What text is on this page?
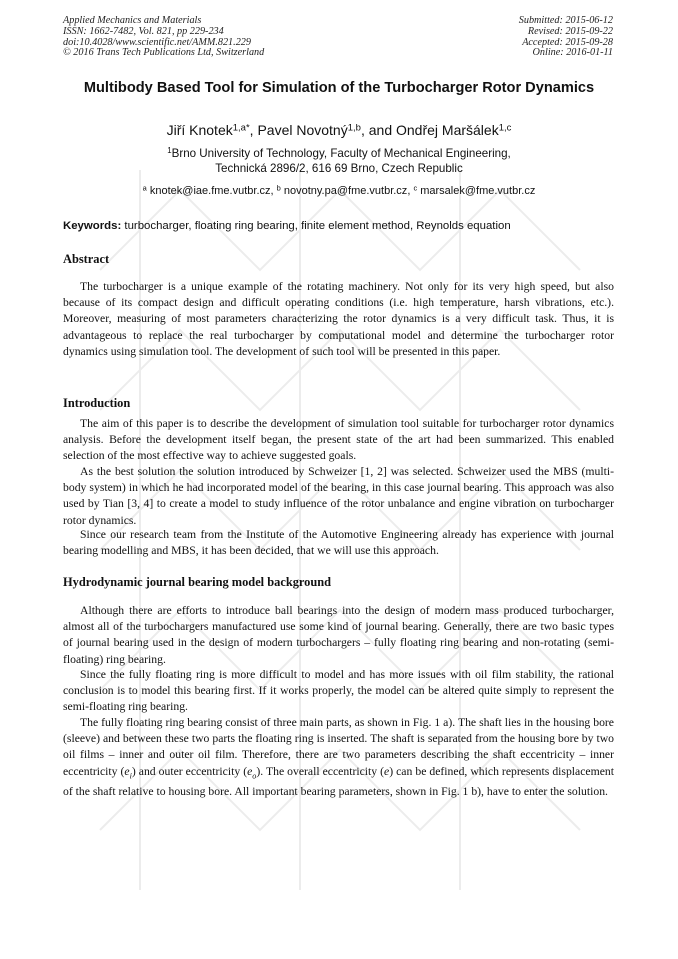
Applied Mechanics and Materials
ISSN: 1662-7482, Vol. 821, pp 229-234
doi:10.4028/www.scientific.net/AMM.821.229
© 2016 Trans Tech Publications Ltd, Switzerland
Submitted: 2015-06-12
Revised: 2015-09-22
Accepted: 2015-09-28
Online: 2016-01-11
Multibody Based Tool for Simulation of the Turbocharger Rotor Dynamics
Jiří Knotek$^{1,a*}$, Pavel Novotný$^{1,b}$, and Ondřej Maršálek$^{1,c}$
$^1$Brno University of Technology, Faculty of Mechanical Engineering,
Technická 2896/2, 616 69 Brno, Czech Republic
$^a$ knotek@iae.fme.vutbr.cz, $^b$ novotny.pa@fme.vutbr.cz, $^c$ marsalek@fme.vutbr.cz
Keywords: turbocharger, floating ring bearing, finite element method, Reynolds equation
Abstract
The turbocharger is a unique example of the rotating machinery. Not only for its very high speed, but also because of its compact design and difficult operating conditions (i.e. high temperature, harsh vibrations, etc.). Moreover, measuring of most parameters characterizing the rotor dynamics is a very difficult task. Thus, it is advantageous to replace the real turbocharger by computational model and determine the turbocharger rotor dynamics using simulation tool. The development of such tool will be presented in this paper.
Introduction
The aim of this paper is to describe the development of simulation tool suitable for turbocharger rotor dynamics analysis. Before the development itself began, the present state of the art had been summarized. This enabled selection of the most effective way to achieve suggested goals.
As the best solution the solution introduced by Schweizer [1, 2] was selected. Schweizer used the MBS (multi-body system) in which he had incorporated model of the bearing, in this case journal bearing. This approach was also used by Tian [3, 4] to create a model to study influence of the rotor unbalance and engine vibration on turbocharger rotor dynamics.
Since our research team from the Institute of the Automotive Engineering already has experience with journal bearing modelling and MBS, it has been decided, that we will use this approach.
Hydrodynamic journal bearing model background
Although there are efforts to introduce ball bearings into the design of modern mass produced turbocharger, almost all of the turbochargers manufactured use some kind of journal bearing. Generally, there are two basic types of journal bearing used in the design of modern turbochargers – fully floating ring bearing and non-rotating (semi-floating) ring bearing.
Since the fully floating ring is more difficult to model and has more issues with oil film stability, the rational conclusion is to model this bearing first. If it works properly, the model can be altered quite simply to represent the semi-floating ring bearing.
The fully floating ring bearing consist of three main parts, as shown in Fig. 1 a). The shaft lies in the housing bore (sleeve) and between these two parts the floating ring is inserted. The shaft is separated from the housing bore by two oil films – inner and outer oil film. Therefore, there are two parameters describing the shaft eccentricity – inner eccentricity $(e_i)$ and outer eccentricity $(e_o)$. The overall eccentricity (e) can be defined, which represents displacement of the shaft relative to housing bore. All important bearing parameters, shown in Fig. 1 b), have to enter the solution.
